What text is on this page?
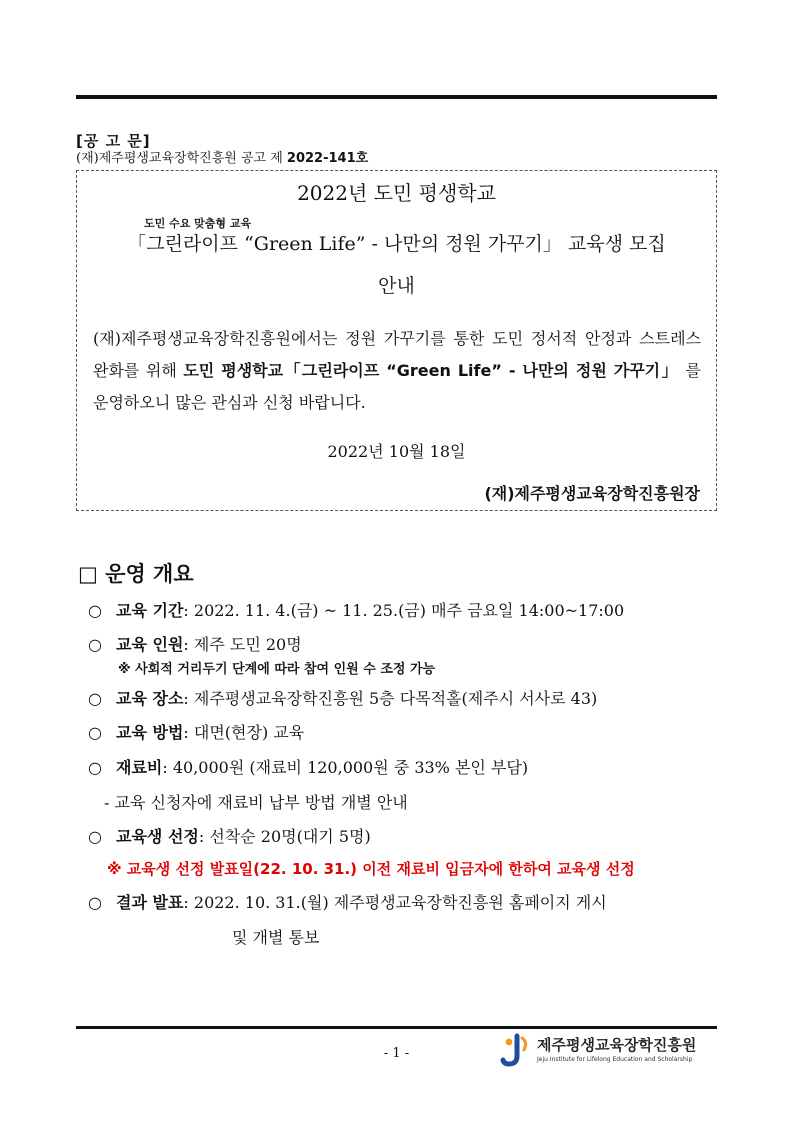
[공 고 문]
(재)제주평생교육장학진흥원 공고 제 2022-141호
2022년 도민 평생학교
도민 수요 맞춤형 교육
「그린라이프 “Green Life” - 나만의 정원 가꾸기」 교육생 모집
안내
(재)제주평생교육장학진흥원에서는 정원 가꾸기를 통한 도민 정서적 안정과 스트레스 완화를 위해 도민 평생학교「그린라이프 “Green Life” - 나만의 정원 가꾸기」 를 운영하오니 많은 관심과 신청 바랍니다.
2022년 10월 18일
(재)제주평생교육장학진흥원장
□ 운영 개요
○ 교육 기간: 2022. 11. 4.(금) ~ 11. 25.(금) 매주 금요일 14:00~17:00
○ 교육 인원: 제주 도민 20명
※ 사회적 거리두기 단계에 따라 참여 인원 수 조정 가능
○ 교육 장소: 제주평생교육장학진흥원 5층 다목적홀(제주시 서사로 43)
○ 교육 방법: 대면(현장) 교육
○ 재료비: 40,000원 (재료비 120,000원 중 33% 본인 부담)
- 교육 신청자에 재료비 납부 방법 개별 안내
○ 교육생 선정: 선착순 20명(대기 5명)
※ 교육생 선정 발표일(22. 10. 31.) 이전 재료비 입금자에 한하여 교육생 선정
○ 결과 발표: 2022. 10. 31.(월) 제주평생교육장학진흥원 홈페이지 게시
및 개별 통보
- 1 -	제주평생교육장학진흥원
Jeju Institute for Lifelong Education and Scholarship
